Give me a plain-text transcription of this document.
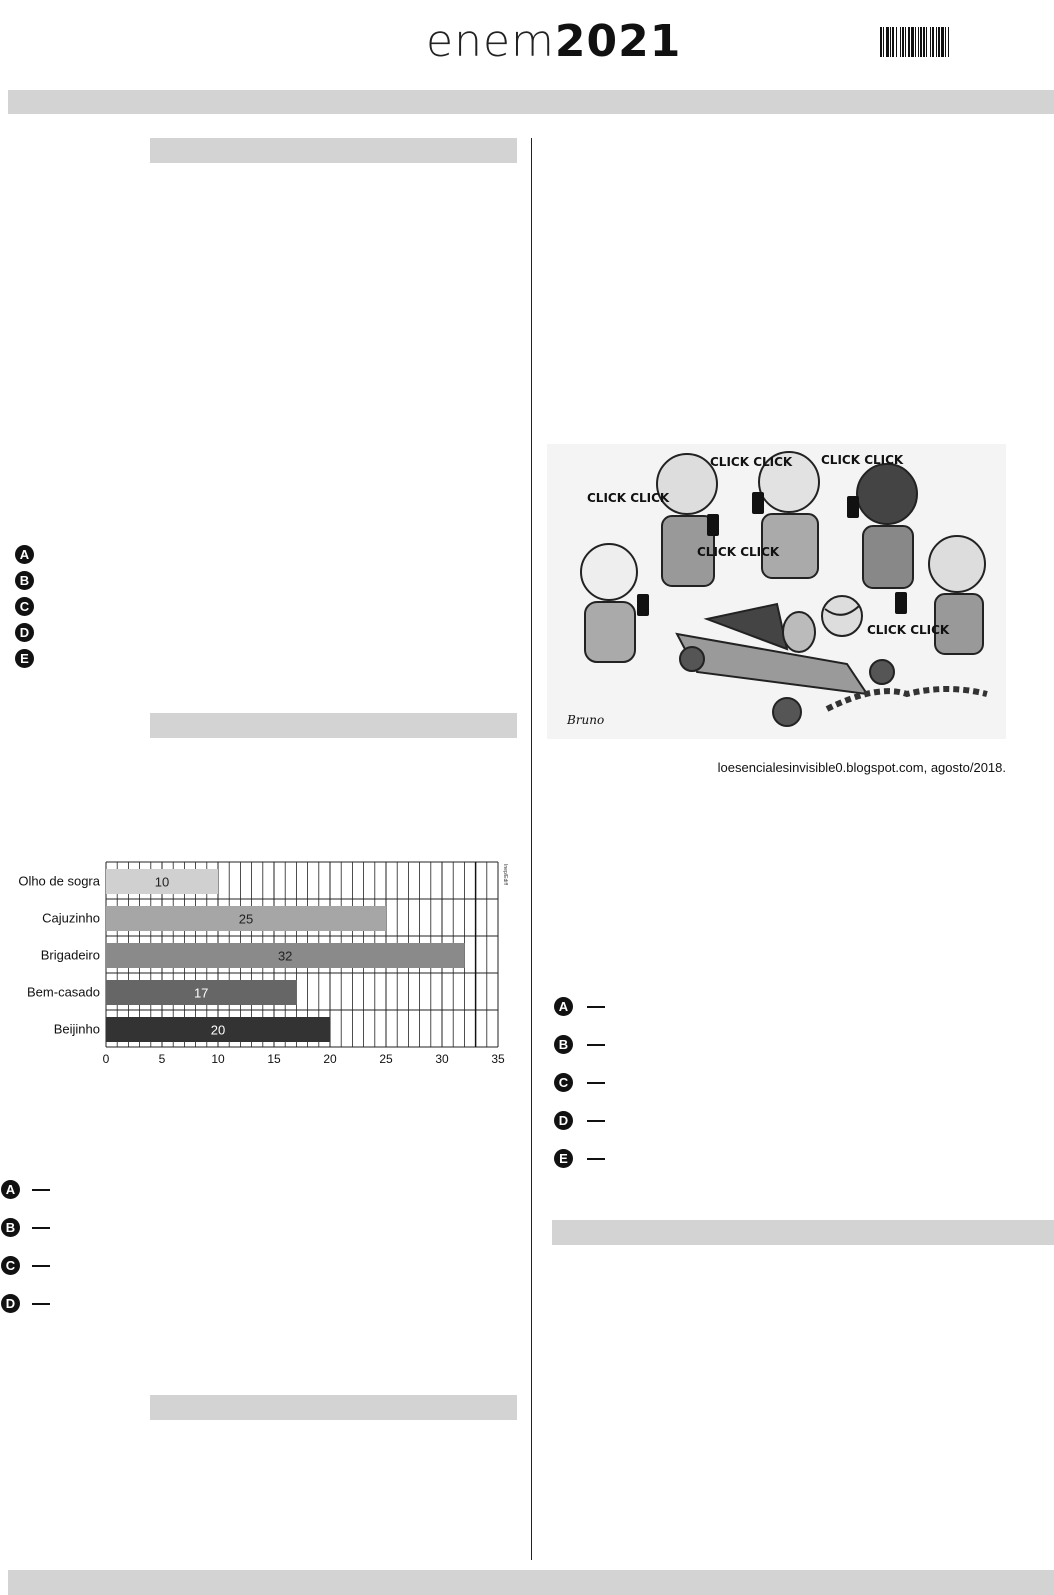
enem2021
A
B
C
D
E
10
Olho de sogra
25
Cajuzinho
32
Brigadeiro
17
Bem-casado
20
Beijinho
0	5	10	15	20	25	30	35
Inep/Ediff
A
B
C
D
CLICK CLICK
CLICK CLICK CLICK CLICK
CLICK CLICK
CLICK CLICK
Bruno
loesencialesinvisible0.blogspot.com, agosto/2018.
A
B
C
D
E
